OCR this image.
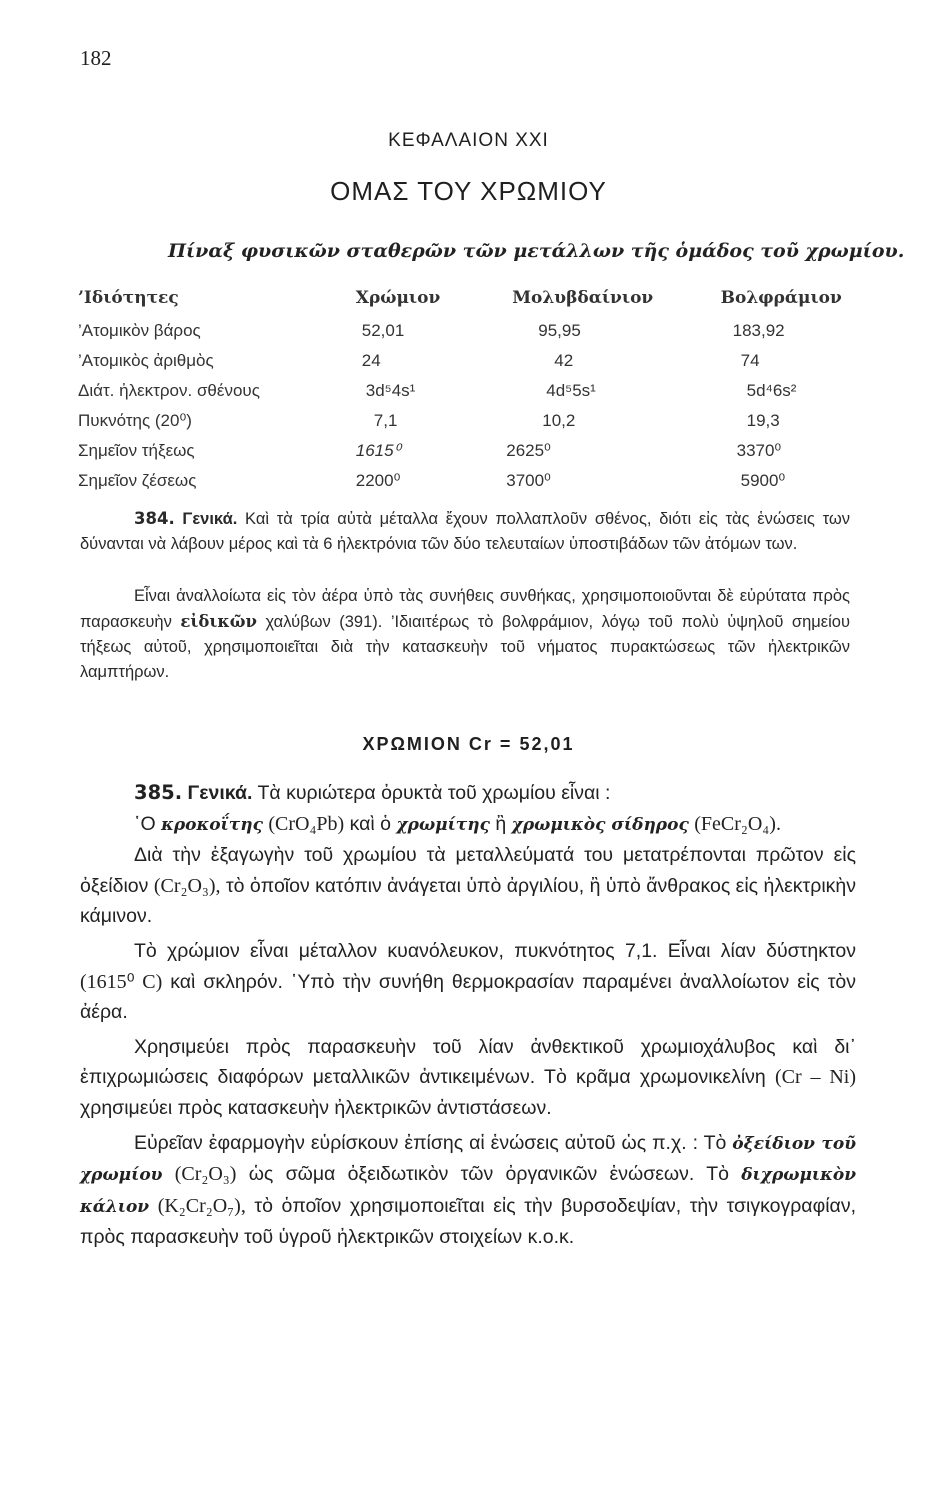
182
ΚΕΦΑΛΑΙΟΝ XXI
ΟΜΑΣ ΤΟΥ ΧΡΩΜΙΟΥ
Πίναξ φυσικῶν σταθερῶν τῶν μετάλλων τῆς ὁμάδος τοῦ χρωμίου.
’Ιδιότητες	Χρώμιον	Μολυβδαίνιον	Βολφράμιον
’Ατομικὸν βάρος	52,01	95,95	183,92
’Ατομικὸς ἀριθμὸς	24	42	74
Διάτ. ἠλεκτρον. σθένους	3d⁵4s¹	4d⁵5s¹	5d⁴6s²
Πυκνότης (20⁰)	7,1	10,2	19,3
Σημεῖον τήξεως	1615⁰	2625⁰	3370⁰
Σημεῖον ζέσεως	2200⁰	3700⁰	5900⁰
384. Γενικά. Καὶ τὰ τρία αὐτὰ μέταλλα ἔχουν πολλαπλοῦν σθένος, διότι εἰς τὰς ἑνώσεις των δύνανται νὰ λάβουν μέρος καὶ τὰ 6 ἠλεκτρόνια τῶν δύο τελευταίων ὑποστιβάδων τῶν ἀτόμων των.
Εἶναι ἀναλλοίωτα εἰς τὸν ἀέρα ὑπὸ τὰς συνήθεις συνθήκας, χρησιμοποιοῦνται δὲ εὐρύτατα πρὸς παρασκευὴν εἰδικῶν χαλύβων (391). ’Ιδιαιτέρως τὸ βολφράμιον, λόγῳ τοῦ πολὺ ὑψηλοῦ σημείου τήξεως αὐτοῦ, χρησιμοποιεῖται διὰ τὴν κατασκευὴν τοῦ νήματος πυρακτώσεως τῶν ἠλεκτρικῶν λαμπτήρων.
ΧΡΩΜΙΟΝ Cr = 52,01

385. Γενικά. Τὰ κυριώτερα ὀρυκτὰ τοῦ χρωμίου εἶναι :

῾Ο κροκοΐτης (CrO₄Pb) καὶ ὁ χρωμίτης ἢ χρωμικὸς σίδηρος (FeCr₂O₄).

Διὰ τὴν ἐξαγωγὴν τοῦ χρωμίου τὰ μεταλλεύματά του μετατρέπονται πρῶτον εἰς ὀξείδιον (Cr₂O₃), τὸ ὁποῖον κατόπιν ἀνάγεται ὑπὸ ἀργιλίου, ἢ ὑπὸ ἄνθρακος εἰς ἠλεκτρικὴν κάμινον.

Τὸ χρώμιον εἶναι μέταλλον κυανόλευκον, πυκνότητος 7,1. Εἶναι λίαν δύστηκτον (1615⁰ C) καὶ σκληρόν. ῾Υπὸ τὴν συνήθη θερμοκρασίαν παραμένει ἀναλλοίωτον εἰς τὸν ἀέρα.

Χρησιμεύει πρὸς παρασκευὴν τοῦ λίαν ἀνθεκτικοῦ χρωμιοχάλυβος καὶ δι᾿ ἐπιχρωμιώσεις διαφόρων μεταλλικῶν ἀντικειμένων. Τὸ κρᾶμα χρωμονικελίνη (Cr – Ni) χρησιμεύει πρὸς κατασκευὴν ἠλεκτρικῶν ἀντιστάσεων.

Εὐρεῖαν ἐφαρμογὴν εὑρίσκουν ἐπίσης αἱ ἑνώσεις αὐτοῦ ὡς π.χ. : Τὸ ὀξείδιον τοῦ χρωμίου (Cr₂O₃) ὡς σῶμα ὀξειδωτικὸν τῶν ὀργανικῶν ἑνώσεων. Τὸ διχρωμικὸν κάλιον (K₂Cr₂O₇), τὸ ὁποῖον χρησιμοποιεῖται εἰς τὴν βυρσοδεψίαν, τὴν τσιγκογραφίαν, πρὸς παρασκευὴν τοῦ ὑγροῦ ἠλεκτρικῶν στοιχείων κ.ο.κ.
